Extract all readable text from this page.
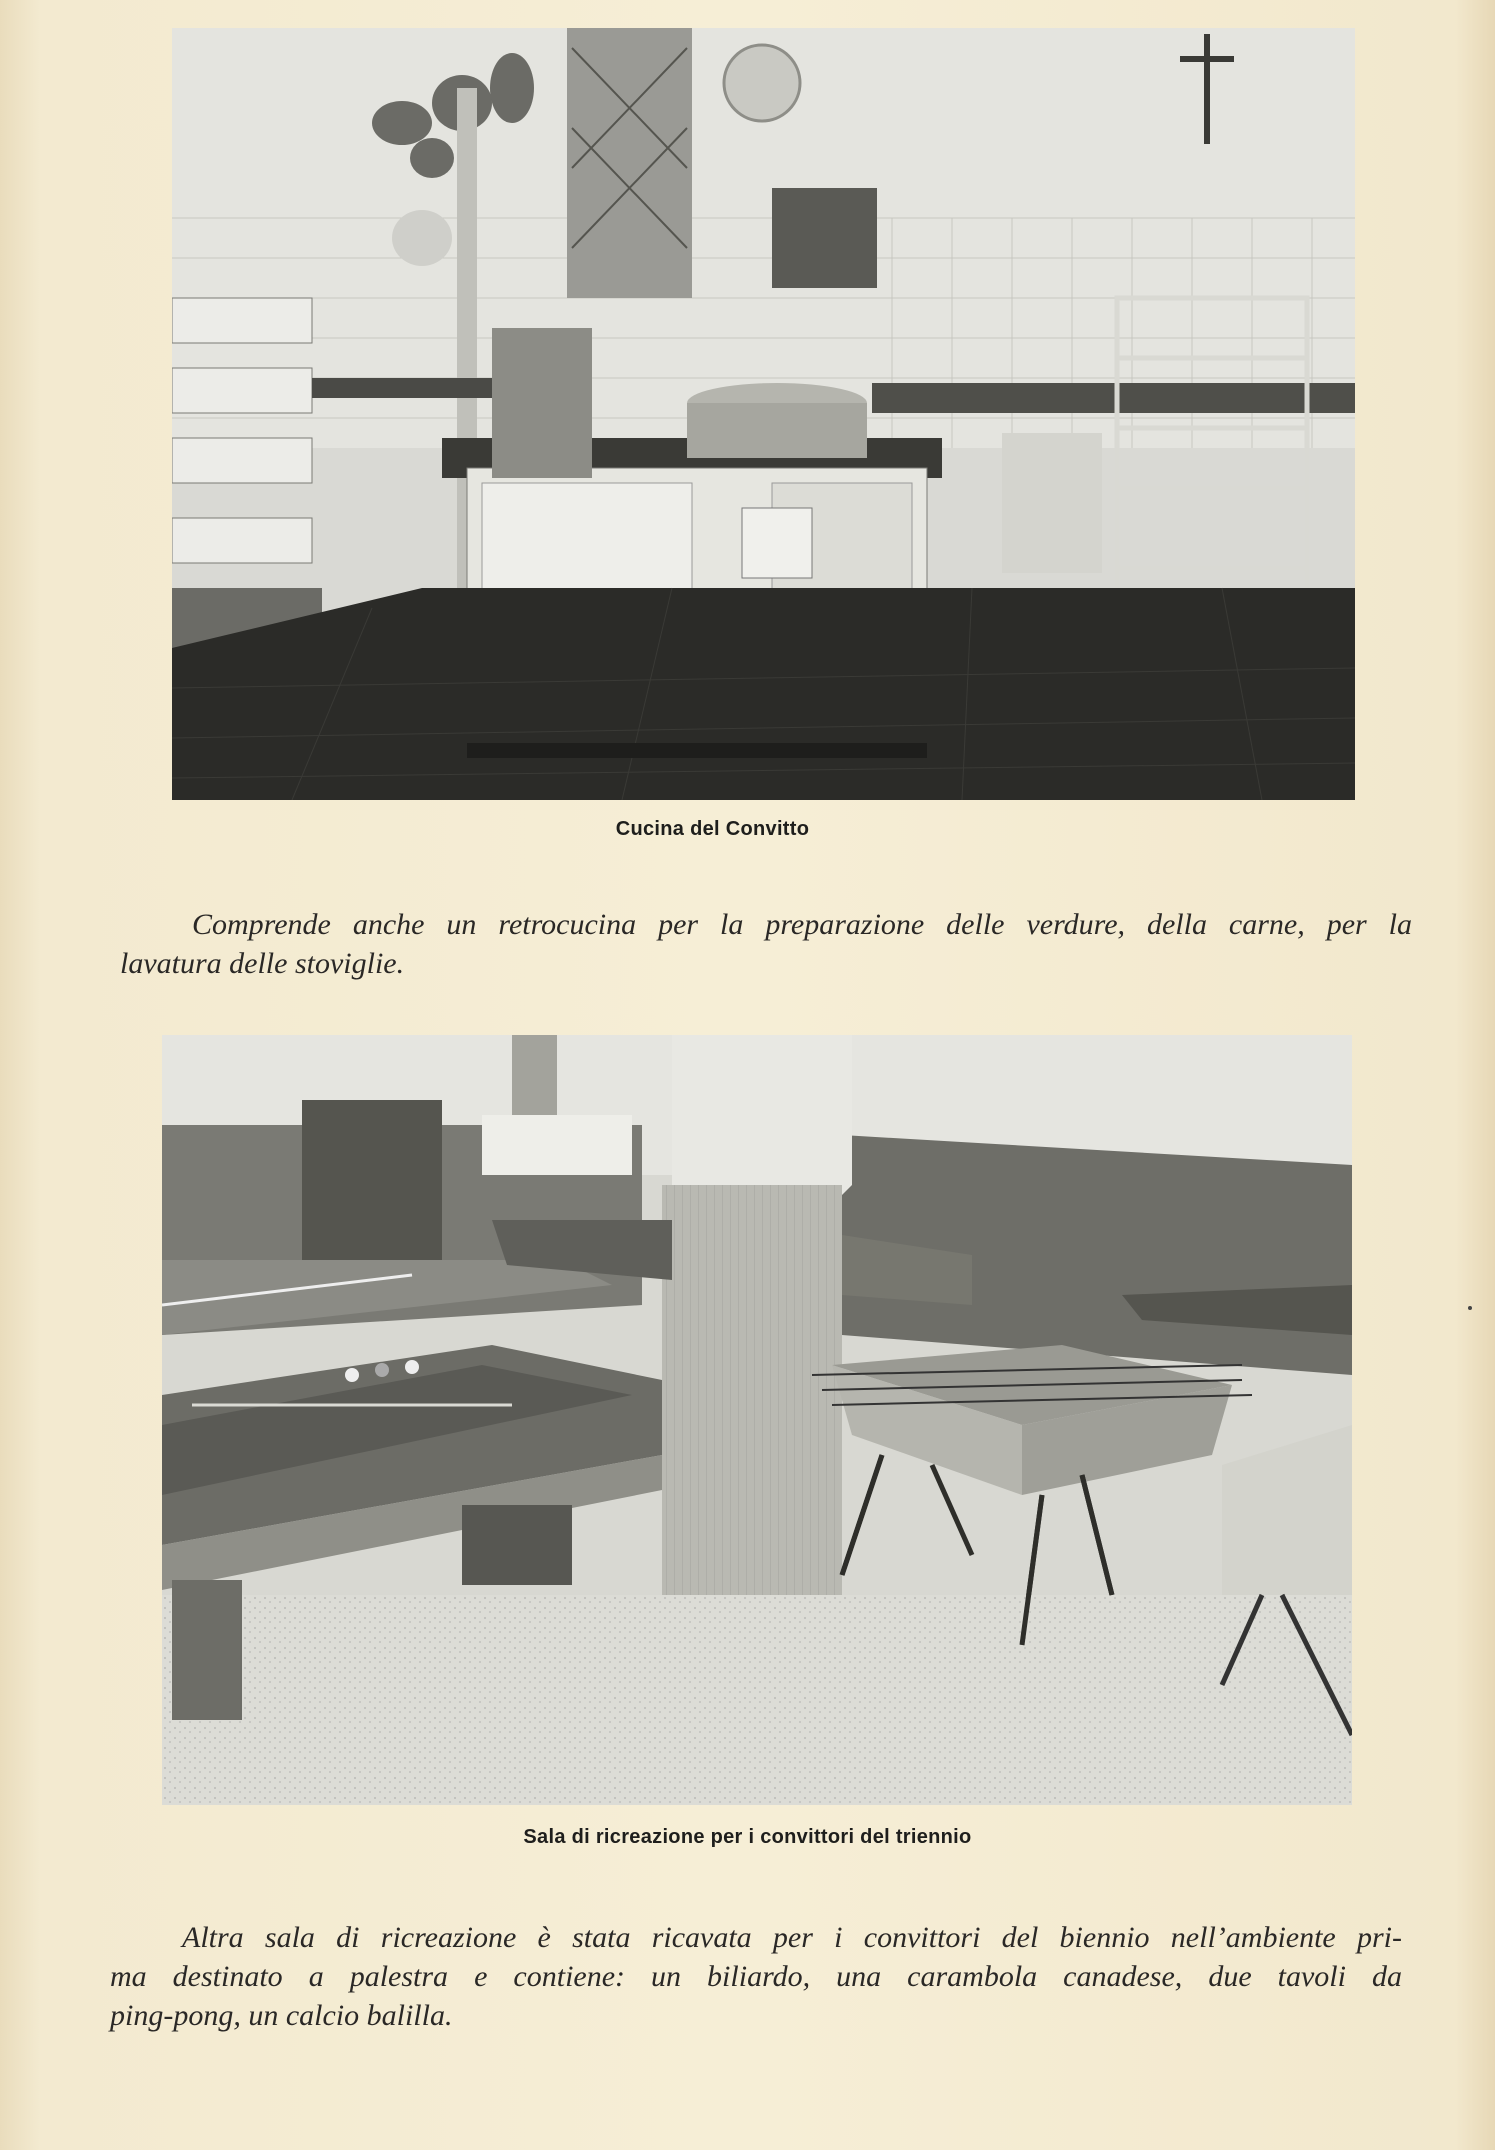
Cucina del Convitto
Comprende anche un retrocucina per la preparazione delle verdure, della carne, per la
lavatura delle stoviglie.
Sala di ricreazione per i convittori del triennio
Altra sala di ricreazione è stata ricavata per i convittori del biennio nell’ambiente pri-
ma destinato a palestra e contiene: un biliardo, una carambola canadese, due tavoli da
ping-pong, un calcio balilla.
